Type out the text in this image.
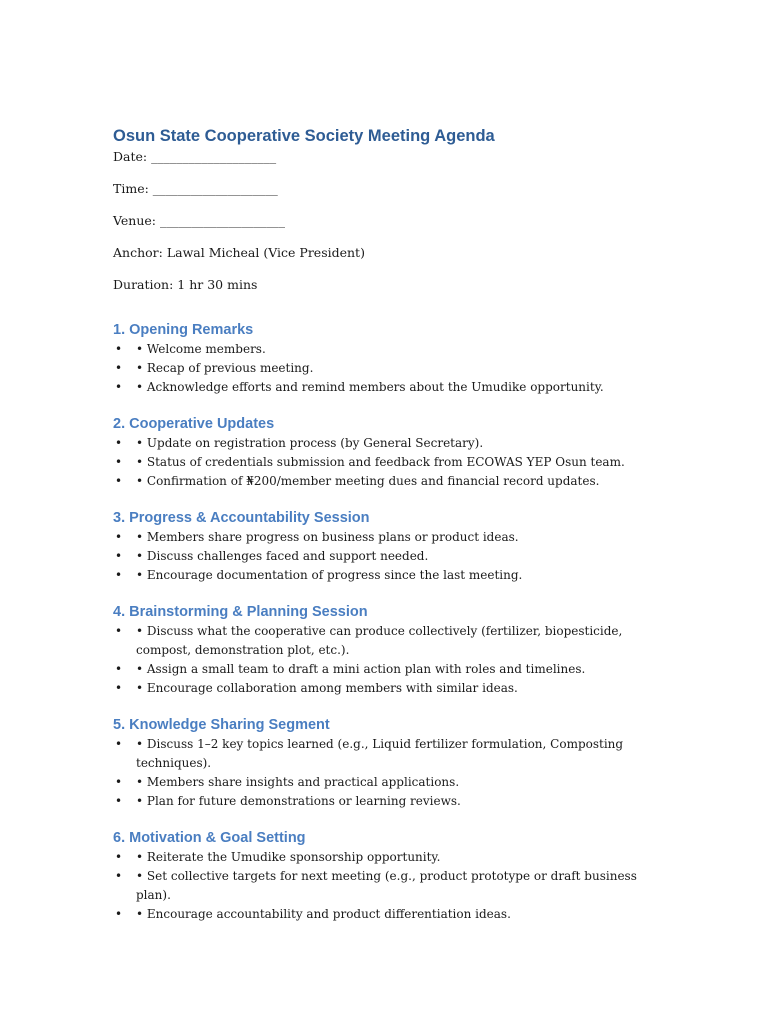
Osun State Cooperative Society Meeting Agenda
Date: ____________________
Time: ____________________
Venue: ____________________
Anchor: Lawal Micheal (Vice President)
Duration: 1 hr 30 mins
1. Opening Remarks
• • Welcome members.
• • Recap of previous meeting.
• • Acknowledge efforts and remind members about the Umudike opportunity.
2. Cooperative Updates
• • Update on registration process (by General Secretary).
• • Status of credentials submission and feedback from ECOWAS YEP Osun team.
• • Confirmation of ₦200/member meeting dues and financial record updates.
3. Progress & Accountability Session
• • Members share progress on business plans or product ideas.
• • Discuss challenges faced and support needed.
• • Encourage documentation of progress since the last meeting.
4. Brainstorming & Planning Session
• • Discuss what the cooperative can produce collectively (fertilizer, biopesticide, compost, demonstration plot, etc.).
• • Assign a small team to draft a mini action plan with roles and timelines.
• • Encourage collaboration among members with similar ideas.
5. Knowledge Sharing Segment
• • Discuss 1–2 key topics learned (e.g., Liquid fertilizer formulation, Composting techniques).
• • Members share insights and practical applications.
• • Plan for future demonstrations or learning reviews.
6. Motivation & Goal Setting
• • Reiterate the Umudike sponsorship opportunity.
• • Set collective targets for next meeting (e.g., product prototype or draft business plan).
• • Encourage accountability and product differentiation ideas.
